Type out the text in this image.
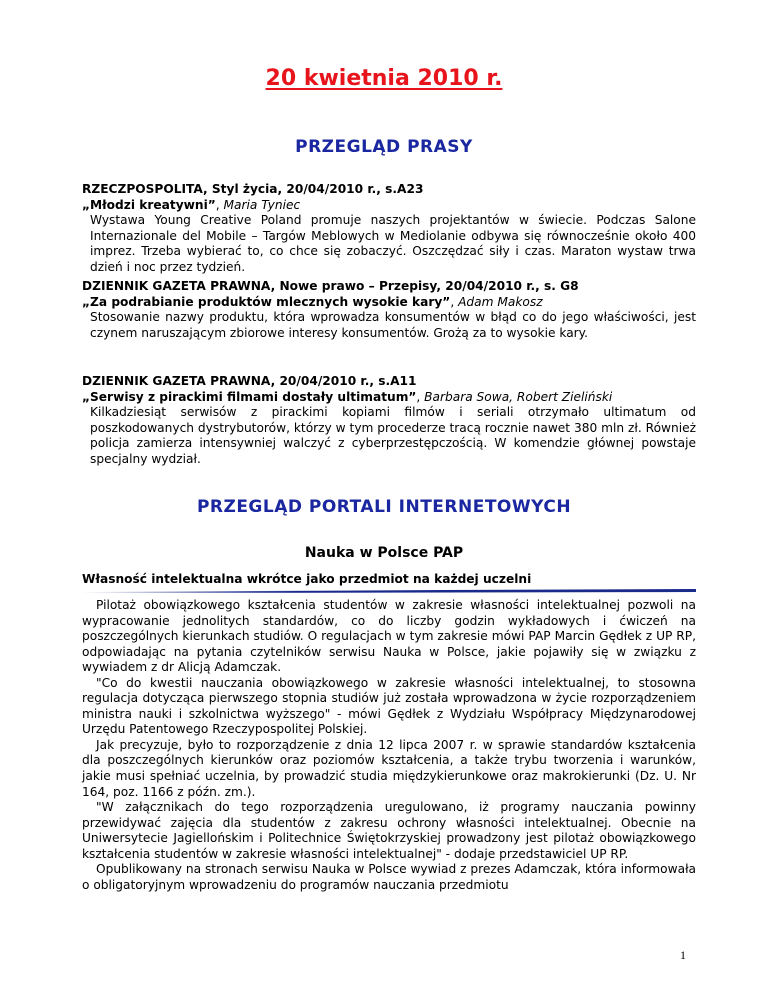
20 kwietnia 2010 r.
PRZEGLĄD PRASY
RZECZPOSPOLITA, Styl życia, 20/04/2010 r., s.A23
„Młodzi kreatywni”, Maria Tyniec
Wystawa Young Creative Poland promuje naszych projektantów w świecie. Podczas Salone Internazionale del Mobile – Targów Meblowych w Mediolanie odbywa się równocześnie około 400 imprez. Trzeba wybierać to, co chce się zobaczyć. Oszczędzać siły i czas. Maraton wystaw trwa dzień i noc przez tydzień.
DZIENNIK GAZETA PRAWNA, Nowe prawo – Przepisy, 20/04/2010 r., s. G8
„Za podrabianie produktów mlecznych wysokie kary”, Adam Makosz
Stosowanie nazwy produktu, która wprowadza konsumentów w błąd co do jego właściwości, jest czynem naruszającym zbiorowe interesy konsumentów. Grożą za to wysokie kary.
DZIENNIK GAZETA PRAWNA, 20/04/2010 r., s.A11
„Serwisy z pirackimi filmami dostały ultimatum”, Barbara Sowa, Robert Zieliński
Kilkadziesiąt serwisów z pirackimi kopiami filmów i seriali otrzymało ultimatum od poszkodowanych dystrybutorów, którzy w tym procederze tracą rocznie nawet 380 mln zł. Również policja zamierza intensywniej walczyć z cyberprzestępczością. W komendzie głównej powstaje specjalny wydział.
PRZEGLĄD PORTALI INTERNETOWYCH
Nauka w Polsce PAP
Własność intelektualna wkrótce jako przedmiot na każdej uczelni

Pilotaż obowiązkowego kształcenia studentów w zakresie własności intelektualnej pozwoli na wypracowanie jednolitych standardów, co do liczby godzin wykładowych i ćwiczeń na poszczególnych kierunkach studiów. O regulacjach w tym zakresie mówi PAP Marcin Gędłek z UP RP, odpowiadając na pytania czytelników serwisu Nauka w Polsce, jakie pojawiły się w związku z wywiadem z dr Alicją Adamczak.

"Co do kwestii nauczania obowiązkowego w zakresie własności intelektualnej, to stosowna regulacja dotycząca pierwszego stopnia studiów już została wprowadzona w życie rozporządzeniem ministra nauki i szkolnictwa wyższego" - mówi Gędłek z Wydziału Współpracy Międzynarodowej Urzędu Patentowego Rzeczypospolitej Polskiej.

Jak precyzuje, było to rozporządzenie z dnia 12 lipca 2007 r. w sprawie standardów kształcenia dla poszczególnych kierunków oraz poziomów kształcenia, a także trybu tworzenia i warunków, jakie musi spełniać uczelnia, by prowadzić studia międzykierunkowe oraz makrokierunki (Dz. U. Nr 164, poz. 1166 z późn. zm.).

"W załącznikach do tego rozporządzenia uregulowano, iż programy nauczania powinny przewidywać zajęcia dla studentów z zakresu ochrony własności intelektualnej. Obecnie na Uniwersytecie Jagiellońskim i Politechnice Świętokrzyskiej prowadzony jest pilotaż obowiązkowego kształcenia studentów w zakresie własności intelektualnej" - dodaje przedstawiciel UP RP.

Opublikowany na stronach serwisu Nauka w Polsce wywiad z prezes Adamczak, która informowała o obligatoryjnym wprowadzeniu do programów nauczania przedmiotu

1
